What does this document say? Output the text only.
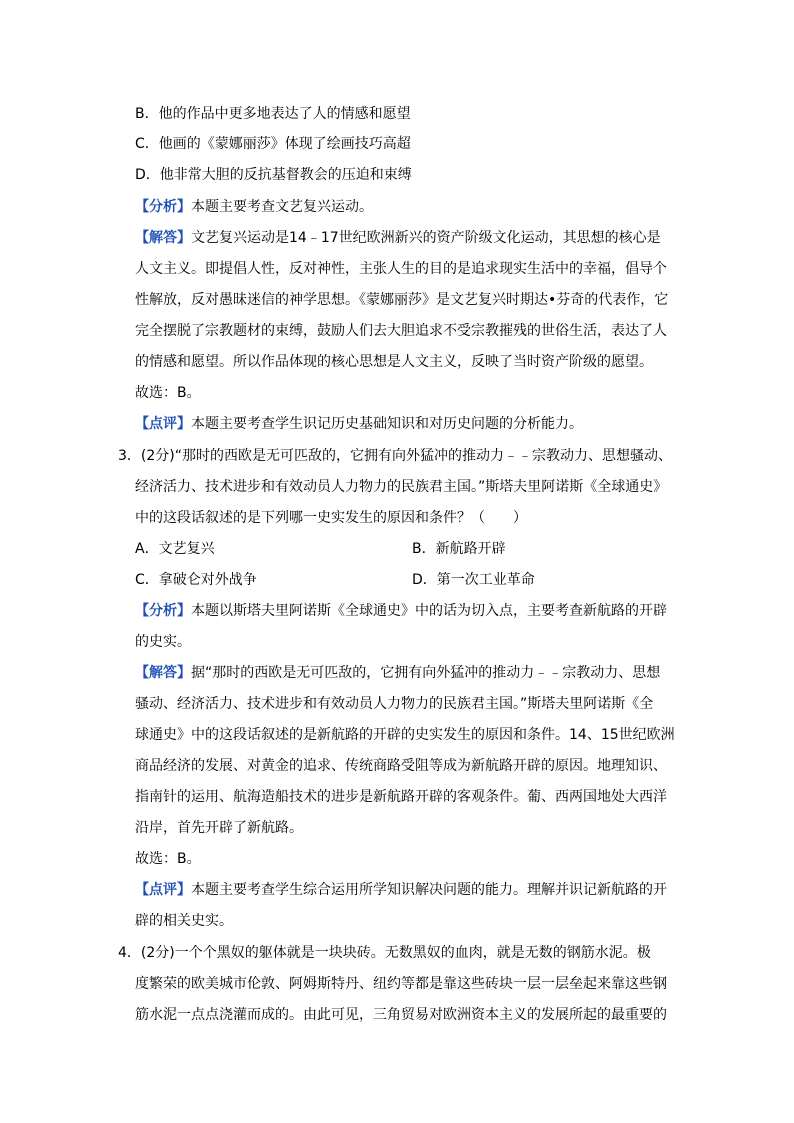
B．他的作品中更多地表达了人的情感和愿望
C．他画的《蒙娜丽莎》体现了绘画技巧高超
D．他非常大胆的反抗基督教会的压迫和束缚
【分析】本题主要考查文艺复兴运动。
【解答】文艺复兴运动是14﹣17世纪欧洲新兴的资产阶级文化运动，其思想的核心是
人文主义。即提倡人性，反对神性，主张人生的目的是追求现实生活中的幸福，倡导个
性解放，反对愚昧迷信的神学思想。《蒙娜丽莎》是文艺复兴时期达•芬奇的代表作，它
完全摆脱了宗教题材的束缚，鼓励人们去大胆追求不受宗教摧残的世俗生活，表达了人
的情感和愿望。所以作品体现的核心思想是人文主义，反映了当时资产阶级的愿望。
故选：B。
【点评】本题主要考查学生识记历史基础知识和对历史问题的分析能力。
3．(2分)“那时的西欧是无可匹敌的，它拥有向外猛冲的推动力﹣﹣宗教动力、思想骚动、
经济活力、技术进步和有效动员人力物力的民族君主国。”斯塔夫里阿诺斯《全球通史》
中的这段话叙述的是下列哪一史实发生的原因和条件？（　　）
A．文艺复兴	B．新航路开辟
C．拿破仑对外战争	D．第一次工业革命
【分析】本题以斯塔夫里阿诺斯《全球通史》中的话为切入点，主要考查新航路的开辟
的史实。
【解答】据“那时的西欧是无可匹敌的，它拥有向外猛冲的推动力﹣﹣宗教动力、思想
骚动、经济活力、技术进步和有效动员人力物力的民族君主国。”斯塔夫里阿诺斯《全
球通史》中的这段话叙述的是新航路的开辟的史实发生的原因和条件。14、15世纪欧洲
商品经济的发展、对黄金的追求、传统商路受阻等成为新航路开辟的原因。地理知识、
指南针的运用、航海造船技术的进步是新航路开辟的客观条件。葡、西两国地处大西洋
沿岸，首先开辟了新航路。
故选：B。
【点评】本题主要考查学生综合运用所学知识解决问题的能力。理解并识记新航路的开
辟的相关史实。
4．(2分)一个个黑奴的躯体就是一块块砖。无数黑奴的血肉，就是无数的钢筋水泥。极
度繁荣的欧美城市伦敦、阿姆斯特丹、纽约等都是靠这些砖块一层一层垒起来靠这些钢
筋水泥一点点浇灌而成的。由此可见，三角贸易对欧洲资本主义的发展所起的最重要的
